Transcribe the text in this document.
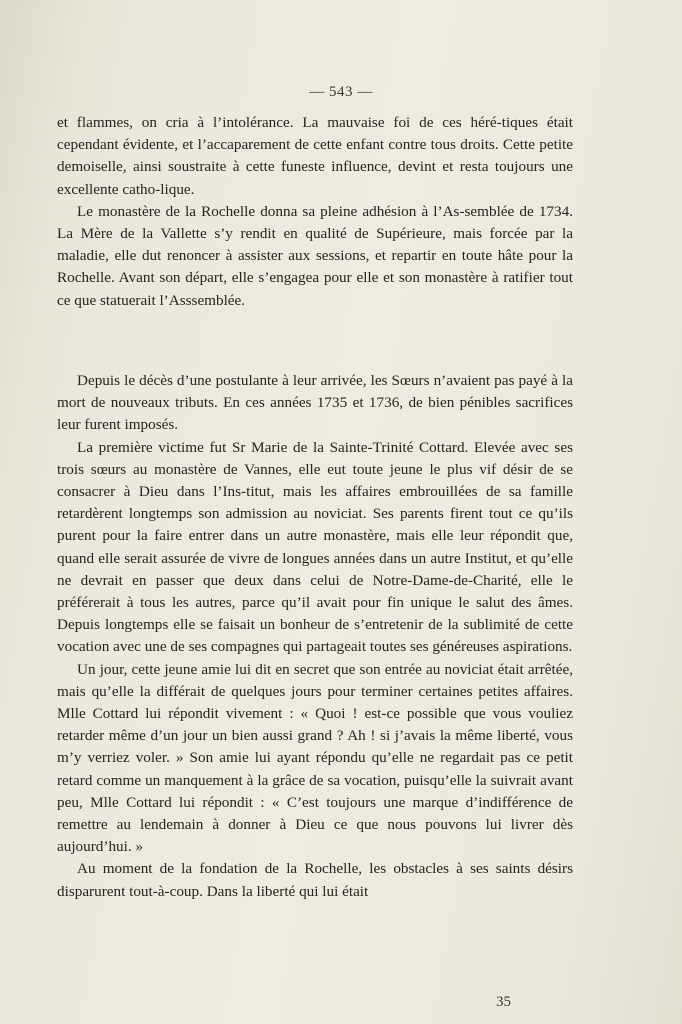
— 543 —

et flammes, on cria à l’intolérance. La mauvaise foi de ces héré-tiques était cependant évidente, et l’accaparement de cette enfant contre tous droits. Cette petite demoiselle, ainsi soustraite à cette funeste influence, devint et resta toujours une excellente catho-lique.

Le monastère de la Rochelle donna sa pleine adhésion à l’As-semblée de 1734. La Mère de la Vallette s’y rendit en qualité de Supérieure, mais forcée par la maladie, elle dut renoncer à assister aux sessions, et repartir en toute hâte pour la Rochelle. Avant son départ, elle s’engagea pour elle et son monastère à ratifier tout ce que statuerait l’Asssemblée.

Depuis le décès d’une postulante à leur arrivée, les Sœurs n’avaient pas payé à la mort de nouveaux tributs. En ces années 1735 et 1736, de bien pénibles sacrifices leur furent imposés.

La première victime fut Sr Marie de la Sainte-Trinité Cottard. Elevée avec ses trois sœurs au monastère de Vannes, elle eut toute jeune le plus vif désir de se consacrer à Dieu dans l’Ins-titut, mais les affaires embrouillées de sa famille retardèrent longtemps son admission au noviciat. Ses parents firent tout ce qu’ils purent pour la faire entrer dans un autre monastère, mais elle leur répondit que, quand elle serait assurée de vivre de longues années dans un autre Institut, et qu’elle ne devrait en passer que deux dans celui de Notre-Dame-de-Charité, elle le préférerait à tous les autres, parce qu’il avait pour fin unique le salut des âmes. Depuis longtemps elle se faisait un bonheur de s’entretenir de la sublimité de cette vocation avec une de ses compagnes qui partageait toutes ses généreuses aspirations.

Un jour, cette jeune amie lui dit en secret que son entrée au noviciat était arrêtée, mais qu’elle la différait de quelques jours pour terminer certaines petites affaires. Mlle Cottard lui répondit vivement : « Quoi ! est-ce possible que vous vouliez retarder même d’un jour un bien aussi grand ? Ah ! si j’avais la même liberté, vous m’y verriez voler. » Son amie lui ayant répondu qu’elle ne regardait pas ce petit retard comme un manquement à la grâce de sa vocation, puisqu’elle la suivrait avant peu, Mlle Cottard lui répondit : « C’est toujours une marque d’indifférence de remettre au lendemain à donner à Dieu ce que nous pouvons lui livrer dès aujourd’hui. »

Au moment de la fondation de la Rochelle, les obstacles à ses saints désirs disparurent tout-à-coup. Dans la liberté qui lui était

35
